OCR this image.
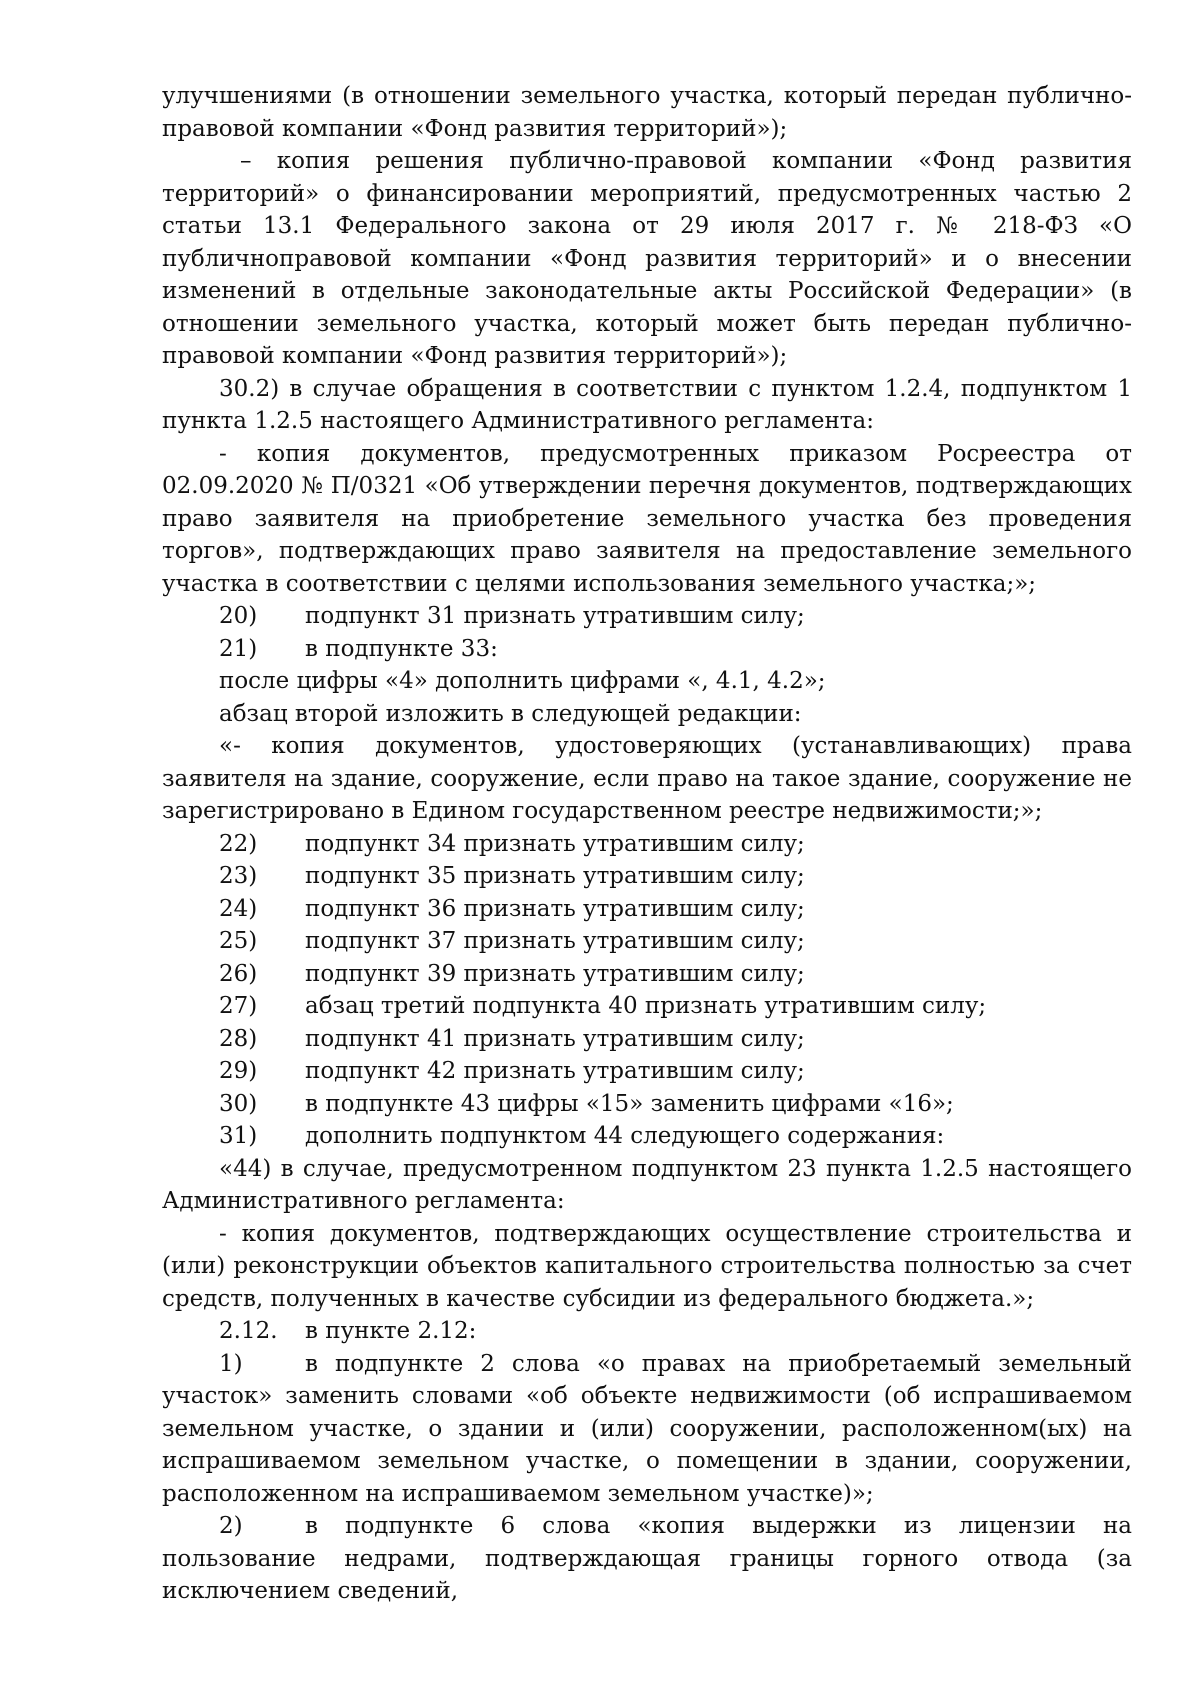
улучшениями (в отношении земельного участка, который передан публично-правовой компании «Фонд развития территорий»);

– копия решения публично-правовой компании «Фонд развития территорий» о финансировании мероприятий, предусмотренных частью 2 статьи 13.1 Федерального закона от 29 июля 2017 г. № 218-ФЗ «О публичноправовой компании «Фонд развития территорий» и о внесении изменений в отдельные законодательные акты Российской Федерации» (в отношении земельного участка, который может быть передан публично-правовой компании «Фонд развития территорий»);

30.2) в случае обращения в соответствии с пунктом 1.2.4, подпунктом 1 пункта 1.2.5 настоящего Административного регламента:

- копия документов, предусмотренных приказом Росреестра от 02.09.2020 № П/0321 «Об утверждении перечня документов, подтверждающих право заявителя на приобретение земельного участка без проведения торгов», подтверждающих право заявителя на предоставление земельного участка в соответствии с целями использования земельного участка;»;

20)	подпункт 31 признать утратившим силу;
21)	в подпункте 33:

после цифры «4» дополнить цифрами «, 4.1, 4.2»;

абзац второй изложить в следующей редакции:

«- копия документов, удостоверяющих (устанавливающих) права заявителя на здание, сооружение, если право на такое здание, сооружение не зарегистрировано в Едином государственном реестре недвижимости;»;

22)	подпункт 34 признать утратившим силу;
23)	подпункт 35 признать утратившим силу;
24)	подпункт 36 признать утратившим силу;
25)	подпункт 37 признать утратившим силу;
26)	подпункт 39 признать утратившим силу;
27)	абзац третий подпункта 40 признать утратившим силу;
28)	подпункт 41 признать утратившим силу;
29)	подпункт 42 признать утратившим силу;
30)	в подпункте 43 цифры «15» заменить цифрами «16»;
31)	дополнить подпунктом 44 следующего содержания:

«44) в случае, предусмотренном подпунктом 23 пункта 1.2.5 настоящего Административного регламента:

- копия документов, подтверждающих осуществление строительства и (или) реконструкции объектов капитального строительства полностью за счет средств, полученных в качестве субсидии из федерального бюджета.»;

2.12.	в пункте 2.12:

1)	в подпункте 2 слова «о правах на приобретаемый земельный участок» заменить словами «об объекте недвижимости (об испрашиваемом земельном участке, о здании и (или) сооружении, расположенном(ых) на испрашиваемом земельном участке, о помещении в здании, сооружении, расположенном на испрашиваемом земельном участке)»;

2)	в подпункте 6 слова «копия выдержки из лицензии на пользование недрами, подтверждающая границы горного отвода (за исключением сведений,
